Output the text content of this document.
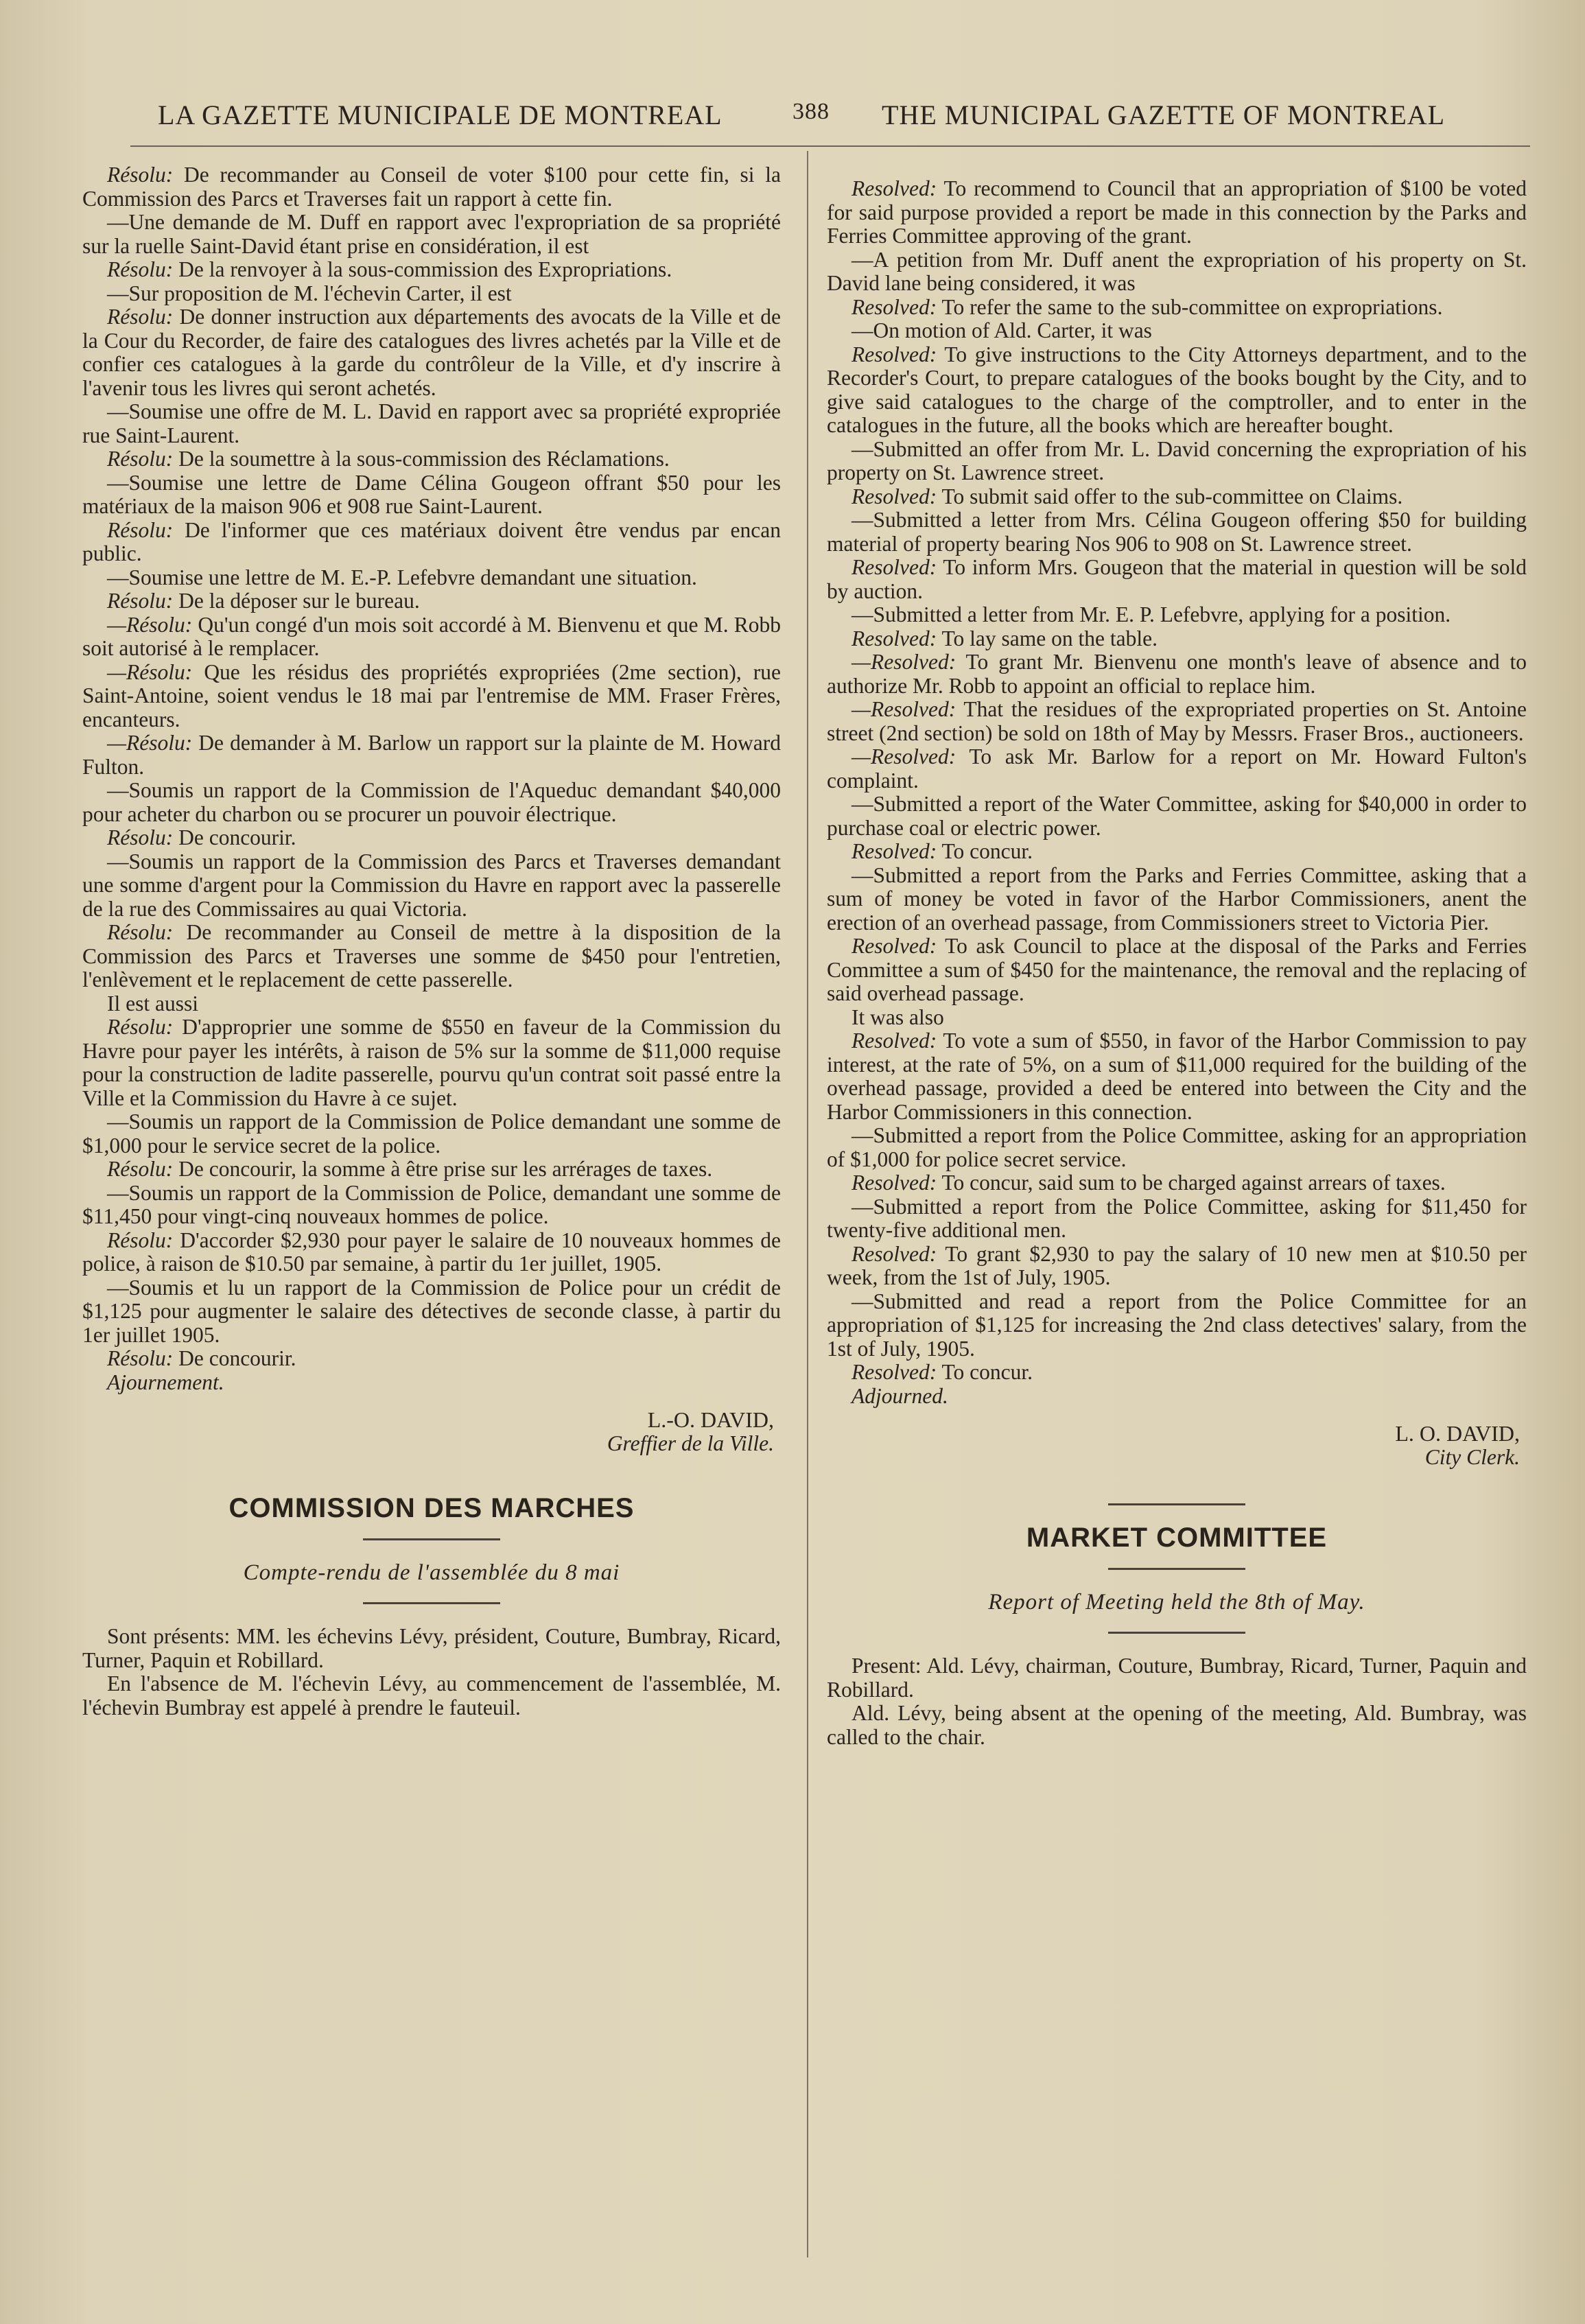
LA GAZETTE MUNICIPALE DE MONTREAL	388 THE MUNICIPAL GAZETTE OF MONTREAL

Résolu: De recommander au Conseil de voter $100 pour cette fin, si la Commission des Parcs et Traverses fait un rapport à cette fin.

—Une demande de M. Duff en rapport avec l'expropriation de sa propriété sur la ruelle Saint-David étant prise en considération, il est

Résolu: De la renvoyer à la sous-commission des Expropriations.

—Sur proposition de M. l'échevin Carter, il est

Résolu: De donner instruction aux départements des avocats de la Ville et de la Cour du Recorder, de faire des catalogues des livres achetés par la Ville et de confier ces catalogues à la garde du contrôleur de la Ville, et d'y inscrire à l'avenir tous les livres qui seront achetés.

—Soumise une offre de M. L. David en rapport avec sa propriété expropriée rue Saint-Laurent.

Résolu: De la soumettre à la sous-commission des Réclamations.

—Soumise une lettre de Dame Célina Gougeon offrant $50 pour les matériaux de la maison 906 et 908 rue Saint-Laurent.

Résolu: De l'informer que ces matériaux doivent être vendus par encan public.

—Soumise une lettre de M. E.-P. Lefebvre demandant une situation.

Résolu: De la déposer sur le bureau.

—Résolu: Qu'un congé d'un mois soit accordé à M. Bienvenu et que M. Robb soit autorisé à le remplacer.

—Résolu: Que les résidus des propriétés expropriées (2me section), rue Saint-Antoine, soient vendus le 18 mai par l'entremise de MM. Fraser Frères, encanteurs.

—Résolu: De demander à M. Barlow un rapport sur la plainte de M. Howard Fulton.

—Soumis un rapport de la Commission de l'Aqueduc demandant $40,000 pour acheter du charbon ou se procurer un pouvoir électrique.

Résolu: De concourir.

—Soumis un rapport de la Commission des Parcs et Traverses demandant une somme d'argent pour la Commission du Havre en rapport avec la passerelle de la rue des Commissaires au quai Victoria.

Résolu: De recommander au Conseil de mettre à la disposition de la Commission des Parcs et Traverses une somme de $450 pour l'entretien, l'enlèvement et le replacement de cette passerelle.

Il est aussi

Résolu: D'approprier une somme de $550 en faveur de la Commission du Havre pour payer les intérêts, à raison de 5% sur la somme de $11,000 requise pour la construction de ladite passerelle, pourvu qu'un contrat soit passé entre la Ville et la Commission du Havre à ce sujet.

—Soumis un rapport de la Commission de Police demandant une somme de $1,000 pour le service secret de la police.

Résolu: De concourir, la somme à être prise sur les arrérages de taxes.

—Soumis un rapport de la Commission de Police, demandant une somme de $11,450 pour vingt-cinq nouveaux hommes de police.

Résolu: D'accorder $2,930 pour payer le salaire de 10 nouveaux hommes de police, à raison de $10.50 par semaine, à partir du 1er juillet, 1905.

—Soumis et lu un rapport de la Commission de Police pour un crédit de $1,125 pour augmenter le salaire des détectives de seconde classe, à partir du 1er juillet 1905.

Résolu: De concourir.

Ajournement.

L.-O. DAVID,
Greffier de la Ville.
COMMISSION DES MARCHES
Compte-rendu de l'assemblée du 8 mai

Sont présents: MM. les échevins Lévy, président, Couture, Bumbray, Ricard, Turner, Paquin et Robillard.

En l'absence de M. l'échevin Lévy, au commencement de l'assemblée, M. l'échevin Bumbray est appelé à prendre le fauteuil.

Resolved: To recommend to Council that an appropriation of $100 be voted for said purpose provided a report be made in this connection by the Parks and Ferries Committee approving of the grant.

—A petition from Mr. Duff anent the expropriation of his property on St. David lane being considered, it was

Resolved: To refer the same to the sub-committee on expropriations.

—On motion of Ald. Carter, it was

Resolved: To give instructions to the City Attorneys department, and to the Recorder's Court, to prepare catalogues of the books bought by the City, and to give said catalogues to the charge of the comptroller, and to enter in the catalogues in the future, all the books which are hereafter bought.

—Submitted an offer from Mr. L. David concerning the expropriation of his property on St. Lawrence street.

Resolved: To submit said offer to the sub-committee on Claims.

—Submitted a letter from Mrs. Célina Gougeon offering $50 for building material of property bearing Nos 906 to 908 on St. Lawrence street.

Resolved: To inform Mrs. Gougeon that the material in question will be sold by auction.

—Submitted a letter from Mr. E. P. Lefebvre, applying for a position.

Resolved: To lay same on the table.

—Resolved: To grant Mr. Bienvenu one month's leave of absence and to authorize Mr. Robb to appoint an official to replace him.

—Resolved: That the residues of the expropriated properties on St. Antoine street (2nd section) be sold on 18th of May by Messrs. Fraser Bros., auctioneers.

—Resolved: To ask Mr. Barlow for a report on Mr. Howard Fulton's complaint.

—Submitted a report of the Water Committee, asking for $40,000 in order to purchase coal or electric power.

Resolved: To concur.

—Submitted a report from the Parks and Ferries Committee, asking that a sum of money be voted in favor of the Harbor Commissioners, anent the erection of an overhead passage, from Commissioners street to Victoria Pier.

Resolved: To ask Council to place at the disposal of the Parks and Ferries Committee a sum of $450 for the maintenance, the removal and the replacing of said overhead passage.

It was also

Resolved: To vote a sum of $550, in favor of the Harbor Commission to pay interest, at the rate of 5%, on a sum of $11,000 required for the building of the overhead passage, provided a deed be entered into between the City and the Harbor Commissioners in this connection.

—Submitted a report from the Police Committee, asking for an appropriation of $1,000 for police secret service.

Resolved: To concur, said sum to be charged against arrears of taxes.

—Submitted a report from the Police Committee, asking for $11,450 for twenty-five additional men.

Resolved: To grant $2,930 to pay the salary of 10 new men at $10.50 per week, from the 1st of July, 1905.

—Submitted and read a report from the Police Committee for an appropriation of $1,125 for increasing the 2nd class detectives' salary, from the 1st of July, 1905.

Resolved: To concur.

Adjourned.

L. O. DAVID,
City Clerk.
MARKET COMMITTEE
Report of Meeting held the 8th of May.

Present: Ald. Lévy, chairman, Couture, Bumbray, Ricard, Turner, Paquin and Robillard.

Ald. Lévy, being absent at the opening of the meeting, Ald. Bumbray, was called to the chair.
